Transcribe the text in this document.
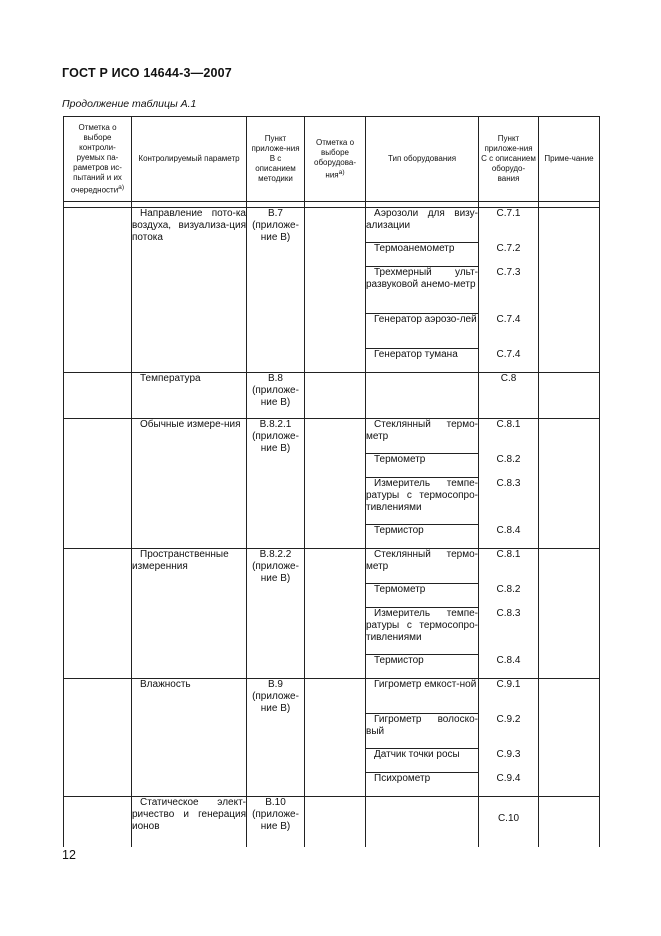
ГОСТ Р ИСО 14644-3—2007
Продолжение таблицы А.1
Отметка о выборе контроли-руемых па-раметров ис-пытаний и их очередности$^{a)}$	Контролируемый параметр	Пункт приложе-ния В с описанием методики	Отметка о выборе оборудова-ния$^{a)}$	Тип оборудования	Пункт приложе-ния С с описанием оборудо-вания	Приме-чание

	Направление пото-ка воздуха, визуализа-ция потока	B.7 (приложе-ние В)		Аэрозоли для визу-ализации	C.7.1	
				Термоанемометр	C.7.2	
				Трехмерный ульт-развуковой анемо-метр	C.7.3	
				Генератор аэрозо-лей	C.7.4	
				Генератор тумана	C.7.4	
	Температура	B.8 (приложе-ние В)			C.8	
	Обычные измере-ния	B.8.2.1 (приложе-ние В)		Стеклянный термо-метр	C.8.1	
				Термометр	C.8.2	
				Измеритель темпе-ратуры с термосопро-тивлениями	C.8.3	
				Термистор	C.8.4	
	Пространственные измеренния	B.8.2.2 (приложе-ние В)		Стеклянный термо-метр	C.8.1	
				Термометр	C.8.2	
				Измеритель темпе-ратуры с термосопро-тивлениями	C.8.3	
				Термистор	C.8.4	
	Влажность	B.9 (приложе-ние В)		Гигрометр емкост-ной	C.9.1	
				Гигрометр волоско-вый	C.9.2	
				Датчик точки росы	C.9.3	
				Психрометр	C.9.4	
	Статическое элект-ричество и генерация ионов	B.10 (приложе-ние В)			C.10	
12
